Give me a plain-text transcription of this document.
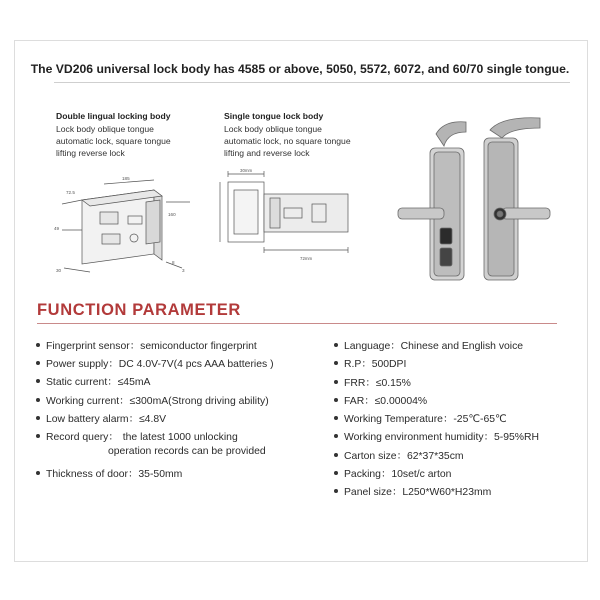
The VD206 universal lock body has 4585 or above, 5050, 5572, 6072, and 60/70 single tongue.
Double lingual locking body
Lock body oblique tongue
automatic lock, square tongue
lifting reverse lock
Single tongue lock body
Lock body oblique tongue
automatic lock, no square tongue
lifting and reverse lock
72.5
185
160
49
30
8
3
30mm
72mm
FUNCTION PARAMETER
Fingerprint sensor：semiconductor fingerprint
Power supply：DC 4.0V-7V(4 pcs AAA batteries )
Static current：≤45mA
Working current：≤300mA(Strong driving ability)
Low battery alarm：≤4.8V
Record query： the latest 1000 unlocking
operation records can be provided
Thickness of door：35-50mm
Language：Chinese and English voice
R.P：500DPI
FRR：≤0.15%
FAR：≤0.00004%
Working Temperature：-25℃-65℃
Working environment humidity：5-95%RH
Carton size：62*37*35cm
Packing：10set/c arton
Panel size：L250*W60*H23mm
